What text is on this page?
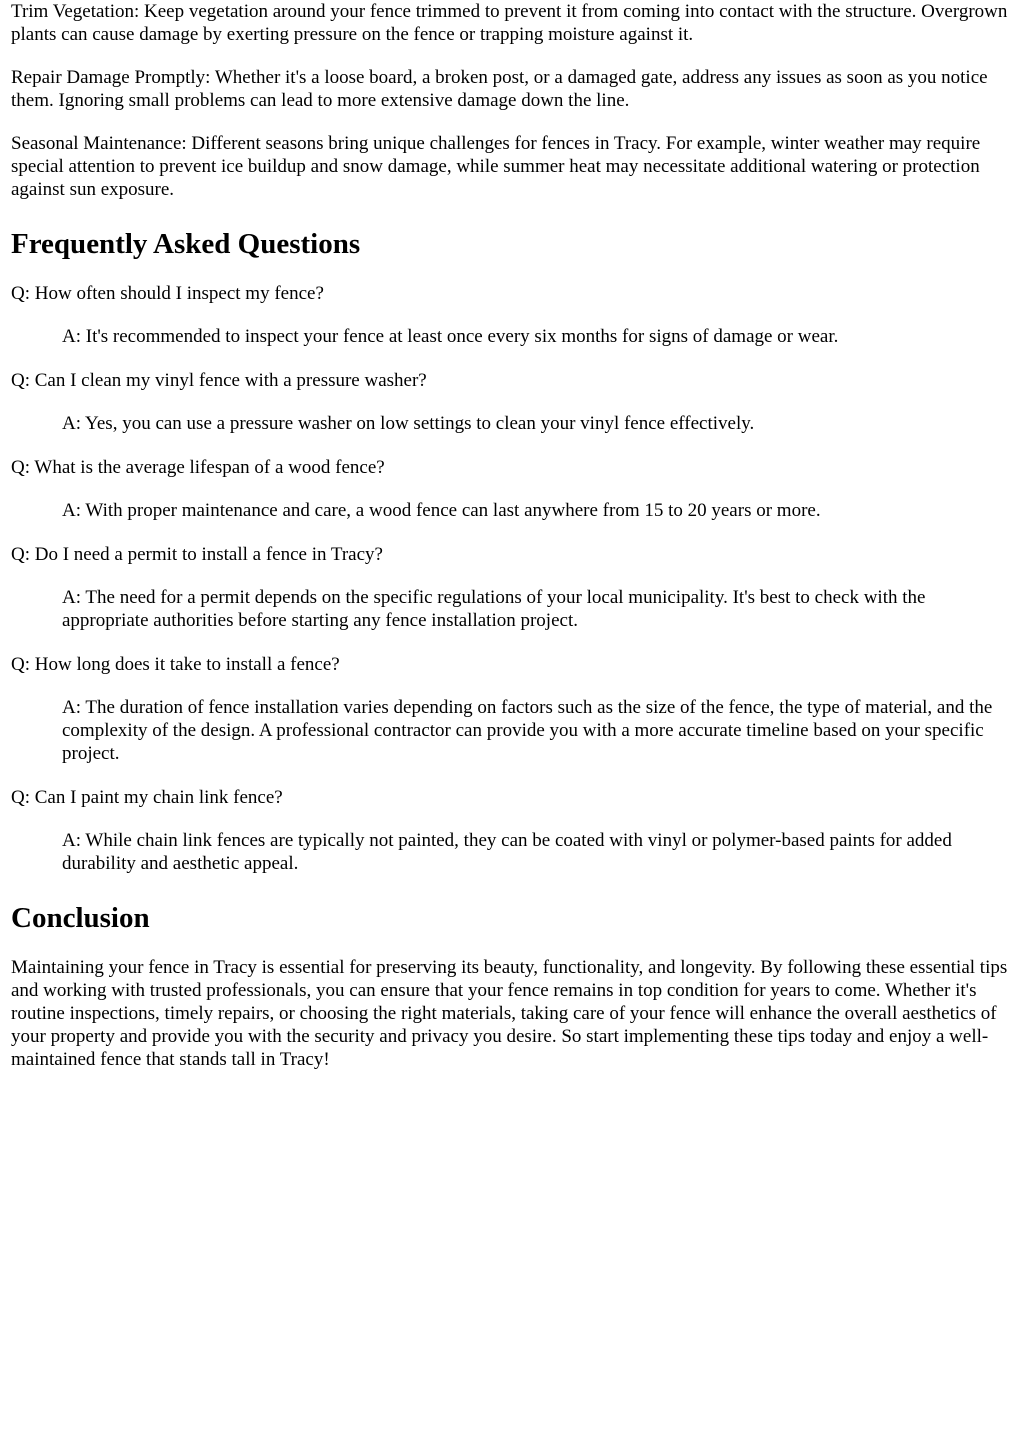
Trim Vegetation: Keep vegetation around your fence trimmed to prevent it from coming into contact with the structure. Overgrown plants can cause damage by exerting pressure on the fence or trapping moisture against it.

Repair Damage Promptly: Whether it's a loose board, a broken post, or a damaged gate, address any issues as soon as you notice them. Ignoring small problems can lead to more extensive damage down the line.

Seasonal Maintenance: Different seasons bring unique challenges for fences in Tracy. For example, winter weather may require special attention to prevent ice buildup and snow damage, while summer heat may necessitate additional watering or protection against sun exposure.

Frequently Asked Questions

Q: How often should I inspect my fence?

A: It's recommended to inspect your fence at least once every six months for signs of damage or wear.

Q: Can I clean my vinyl fence with a pressure washer?

A: Yes, you can use a pressure washer on low settings to clean your vinyl fence effectively.

Q: What is the average lifespan of a wood fence?

A: With proper maintenance and care, a wood fence can last anywhere from 15 to 20 years or more.

Q: Do I need a permit to install a fence in Tracy?

A: The need for a permit depends on the specific regulations of your local municipality. It's best to check with the appropriate authorities before starting any fence installation project.

Q: How long does it take to install a fence?

A: The duration of fence installation varies depending on factors such as the size of the fence, the type of material, and the complexity of the design. A professional contractor can provide you with a more accurate timeline based on your specific project.

Q: Can I paint my chain link fence?

A: While chain link fences are typically not painted, they can be coated with vinyl or polymer-based paints for added durability and aesthetic appeal.

Conclusion

Maintaining your fence in Tracy is essential for preserving its beauty, functionality, and longevity. By following these essential tips and working with trusted professionals, you can ensure that your fence remains in top condition for years to come. Whether it's routine inspections, timely repairs, or choosing the right materials, taking care of your fence will enhance the overall aesthetics of your property and provide you with the security and privacy you desire. So start implementing these tips today and enjoy a well-maintained fence that stands tall in Tracy!
